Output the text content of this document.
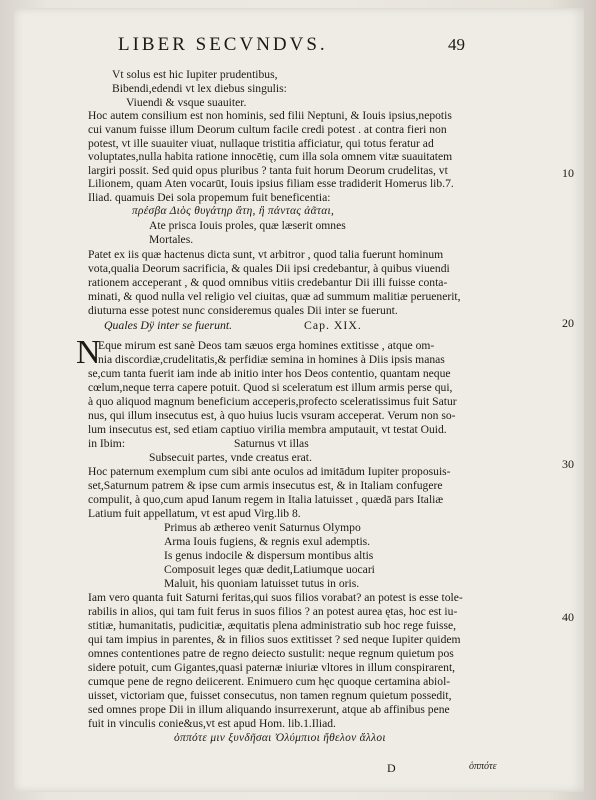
LIBER SECVNDVS.	49
Vt solus est hic Iupiter prudentibus,
Bibendi,edendi vt lex diebus singulis:
Viuendi & vsque suauiter.
Hoc autem consilium est non hominis, sed filii Neptuni, & Iouis ipsius,nepotis
cui vanum fuisse illum Deorum cultum facile credi potest . at contra fieri non
potest, vt ille suauiter viuat, nullaque tristitia afficiatur, qui totus feratur ad
voluptates,nulla habita ratione innocētię, cum illa sola omnem vitæ suauitatem
largiri possit. Sed quid opus pluribus ? tanta fuit horum Deorum crudelitas, vt
Lilionem, quam Aten vocarūt, Iouis ipsius filiam esse tradiderit Homerus lib.7.
Iliad. quamuis Dei sola propemum fuit beneficentia:
πρέσβα Διὸς θυγάτηρ ἄτη, ἣ πάντας ἀᾶται,
Ate prisca Iouis proles, quæ læserit omnes
Mortales.
10
Patet ex iis quæ hactenus dicta sunt, vt arbitror , quod talia fuerunt hominum
vota,qualia Deorum sacrificia, & quales Dii ipsi credebantur, à quibus viuendi
rationem acceperant , & quod omnibus vitiis credebantur Dii illi fuisse conta-
minati, & quod nulla vel religio vel ciuitas, quæ ad summum malitiæ peruenerit,
diuturna esse potest nunc consideremus quales Dii inter se fuerunt.
Quales Dÿ inter se fuerunt.	Cap. XIX.	20
N
Eque mirum est sanè Deos tam sæuos erga homines extitisse , atque om-
nia discordiæ,crudelitatis,& perfidiæ semina in homines à Diis ipsis manas
se,cum tanta fuerit iam inde ab initio inter hos Deos contentio, quantam neque
cœlum,neque terra capere potuit. Quod si sceleratum est illum armis perse qui,
à quo aliquod magnum beneficium acceperis,profecto sceleratissimus fuit Satur
nus, qui illum insecutus est, à quo huius lucis vsuram acceperat. Verum non so-
lum insecutus est, sed etiam captiuo virilia membra amputauit, vt testat Ouid.
in Ibim:	Saturnus vt illas
Subsecuit partes, vnde creatus erat.
Hoc paternum exemplum cum sibi ante oculos ad imitādum Iupiter proposuis-
set,Saturnum patrem & ipse cum armis insecutus est, & in Italiam confugere
compulit, à quo,cum apud Ianum regem in Italia latuisset , quædā pars Italiæ
Latium fuit appellatum, vt est apud Virg.lib 8.
30
Primus ab æthereo venit Saturnus Olympo
Arma Iouis fugiens, & regnis exul ademptis.
Is genus indocile & dispersum montibus altis
Composuit leges quæ dedit,Latiumque uocari
Maluit, his quoniam latuisset tutus in oris.
Iam vero quanta fuit Saturni feritas,qui suos filios vorabat? an potest is esse tole-
rabilis in alios, qui tam fuit ferus in suos filios ? an potest aurea ętas, hoc est iu-
stitiæ, humanitatis, pudicitiæ, æquitatis plena administratio sub hoc rege fuisse,
qui tam impius in parentes, & in filios suos extitisset ? sed neque Iupiter quidem
omnes contentiones patre de regno deiecto sustulit: neque regnum quietum pos
sidere potuit, cum Gigantes,quasi paternæ iniuriæ vltores in illum conspirarent,
cumque pene de regno deiicerent. Enimuero cum hęc quoque certamina abiol-
uisset, victoriam que, fuisset consecutus, non tamen regnum quietum possedit,
sed omnes prope Dii in illum aliquando insurrexerunt, atque ab affinibus pene
fuit in vinculis conie&us,vt est apud Hom. lib.1.Iliad.
40
ὁππότε μιν ξυνδῆσαι Ὀλύμπιοι ἤθελον ἄλλοι
D	ὁππότε
